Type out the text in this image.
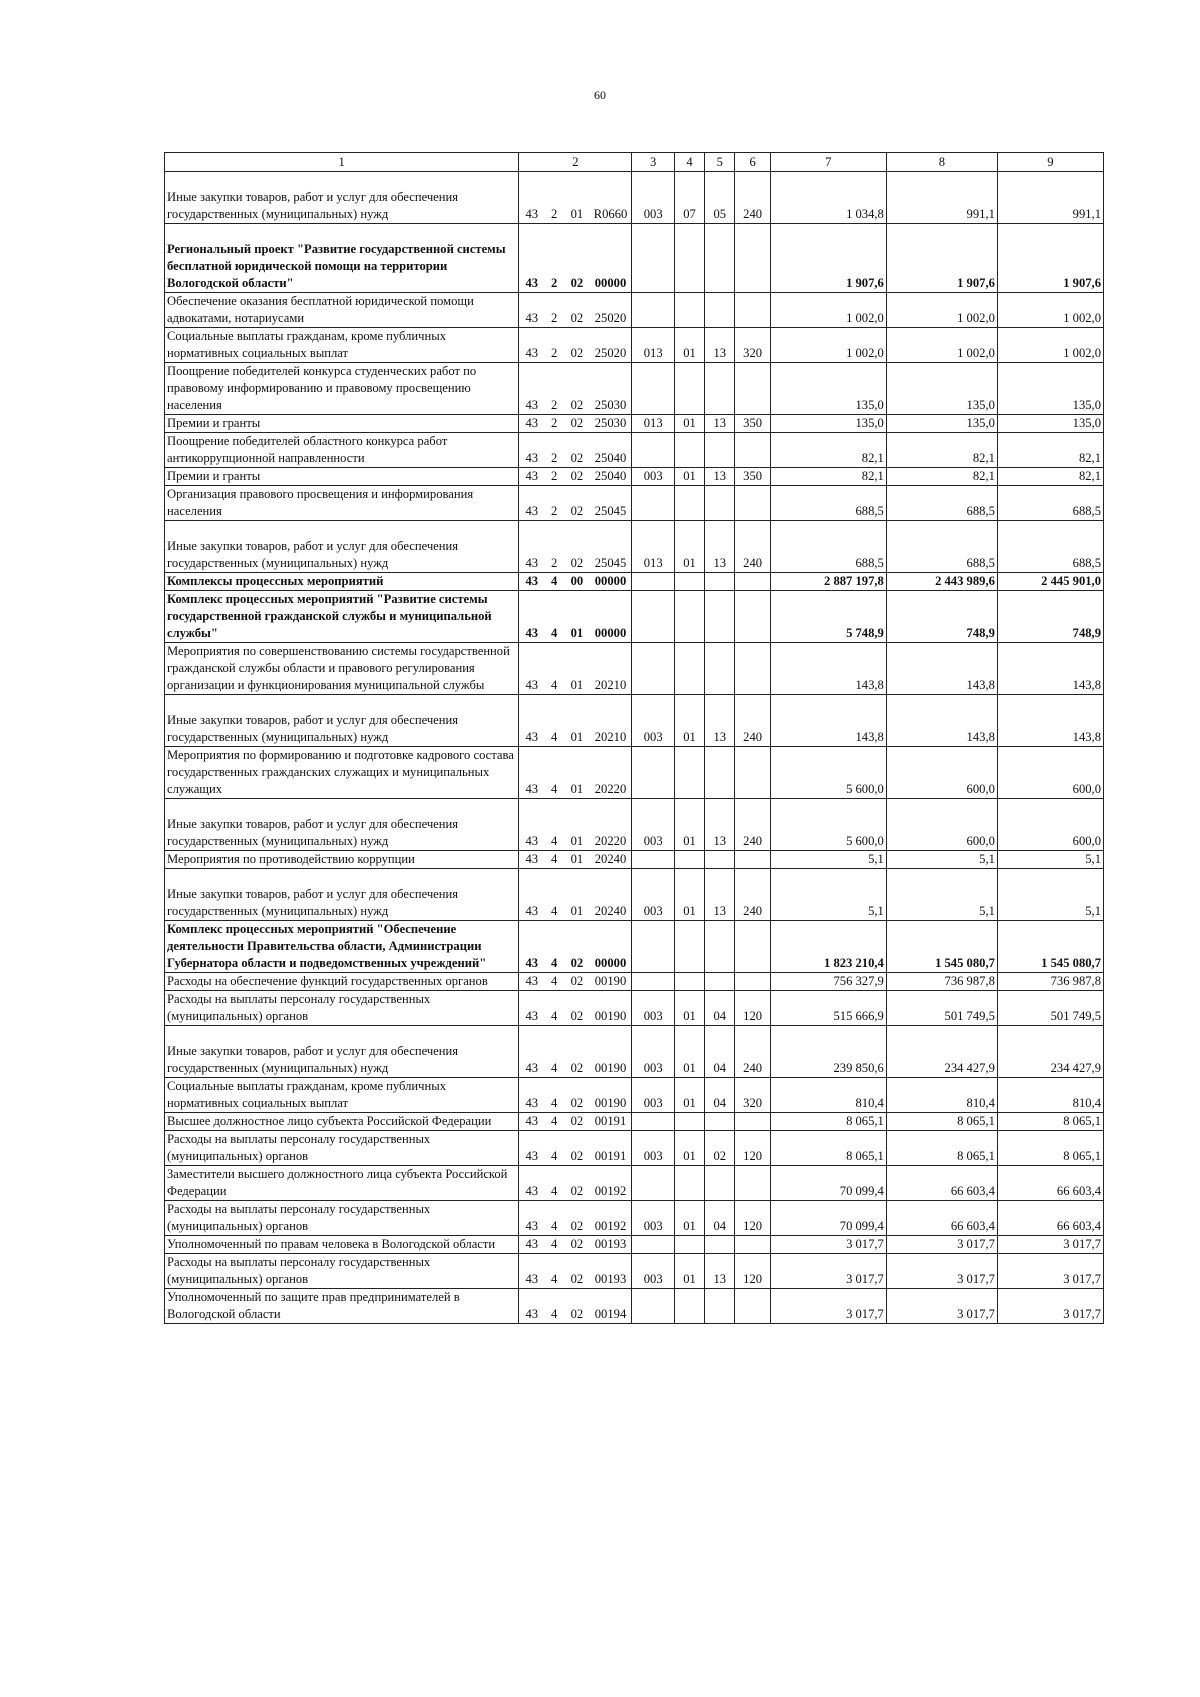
60
1	2				3	4	5	6	7	8	9

Иные закупки товаров, работ и услуг для обеспечения государственных (муниципальных) нужд	43	2	01	R0660	003	07	05	240	1 034,8	991,1	991,1

Региональный проект "Развитие государственной системы бесплатной юридической помощи на территории Вологодской области"	43	2	02	00000					1 907,6	1 907,6	1 907,6
Обеспечение оказания бесплатной юридической помощи адвокатами, нотариусами	43	2	02	25020					1 002,0	1 002,0	1 002,0
Социальные выплаты гражданам, кроме публичных нормативных социальных выплат	43	2	02	25020	013	01	13	320	1 002,0	1 002,0	1 002,0
Поощрение победителей конкурса студенческих работ по правовому информированию и правовому просвещению населения	43	2	02	25030					135,0	135,0	135,0
Премии и гранты	43	2	02	25030	013	01	13	350	135,0	135,0	135,0
Поощрение победителей областного конкурса работ антикоррупционной направленности	43	2	02	25040					82,1	82,1	82,1
Премии и гранты	43	2	02	25040	003	01	13	350	82,1	82,1	82,1
Организация правового просвещения и информирования населения	43	2	02	25045					688,5	688,5	688,5

Иные закупки товаров, работ и услуг для обеспечения государственных (муниципальных) нужд	43	2	02	25045	013	01	13	240	688,5	688,5	688,5
Комплексы процессных мероприятий	43	4	00	00000					2 887 197,8	2 443 989,6	2 445 901,0
Комплекс процессных мероприятий "Развитие системы государственной гражданской службы и муниципальной службы"	43	4	01	00000					5 748,9	748,9	748,9
Мероприятия по совершенствованию системы государственной гражданской службы области и правового регулирования организации и функционирования муниципальной службы	43	4	01	20210					143,8	143,8	143,8

Иные закупки товаров, работ и услуг для обеспечения государственных (муниципальных) нужд	43	4	01	20210	003	01	13	240	143,8	143,8	143,8
Мероприятия по формированию и подготовке кадрового состава государственных гражданских служащих и муниципальных служащих	43	4	01	20220					5 600,0	600,0	600,0

Иные закупки товаров, работ и услуг для обеспечения государственных (муниципальных) нужд	43	4	01	20220	003	01	13	240	5 600,0	600,0	600,0
Мероприятия по противодействию коррупции	43	4	01	20240					5,1	5,1	5,1

Иные закупки товаров, работ и услуг для обеспечения государственных (муниципальных) нужд	43	4	01	20240	003	01	13	240	5,1	5,1	5,1
Комплекс процессных мероприятий "Обеспечение деятельности Правительства области, Администрации Губернатора области и подведомственных учреждений"	43	4	02	00000					1 823 210,4	1 545 080,7	1 545 080,7
Расходы на обеспечение функций государственных органов	43	4	02	00190					756 327,9	736 987,8	736 987,8
Расходы на выплаты персоналу государственных (муниципальных) органов	43	4	02	00190	003	01	04	120	515 666,9	501 749,5	501 749,5

Иные закупки товаров, работ и услуг для обеспечения государственных (муниципальных) нужд	43	4	02	00190	003	01	04	240	239 850,6	234 427,9	234 427,9
Социальные выплаты гражданам, кроме публичных нормативных социальных выплат	43	4	02	00190	003	01	04	320	810,4	810,4	810,4
Высшее должностное лицо субъекта Российской Федерации	43	4	02	00191					8 065,1	8 065,1	8 065,1
Расходы на выплаты персоналу государственных (муниципальных) органов	43	4	02	00191	003	01	02	120	8 065,1	8 065,1	8 065,1
Заместители высшего должностного лица субъекта Российской Федерации	43	4	02	00192					70 099,4	66 603,4	66 603,4
Расходы на выплаты персоналу государственных (муниципальных) органов	43	4	02	00192	003	01	04	120	70 099,4	66 603,4	66 603,4
Уполномоченный по правам человека в Вологодской области	43	4	02	00193					3 017,7	3 017,7	3 017,7
Расходы на выплаты персоналу государственных (муниципальных) органов	43	4	02	00193	003	01	13	120	3 017,7	3 017,7	3 017,7
Уполномоченный по защите прав предпринимателей в Вологодской области	43	4	02	00194					3 017,7	3 017,7	3 017,7
